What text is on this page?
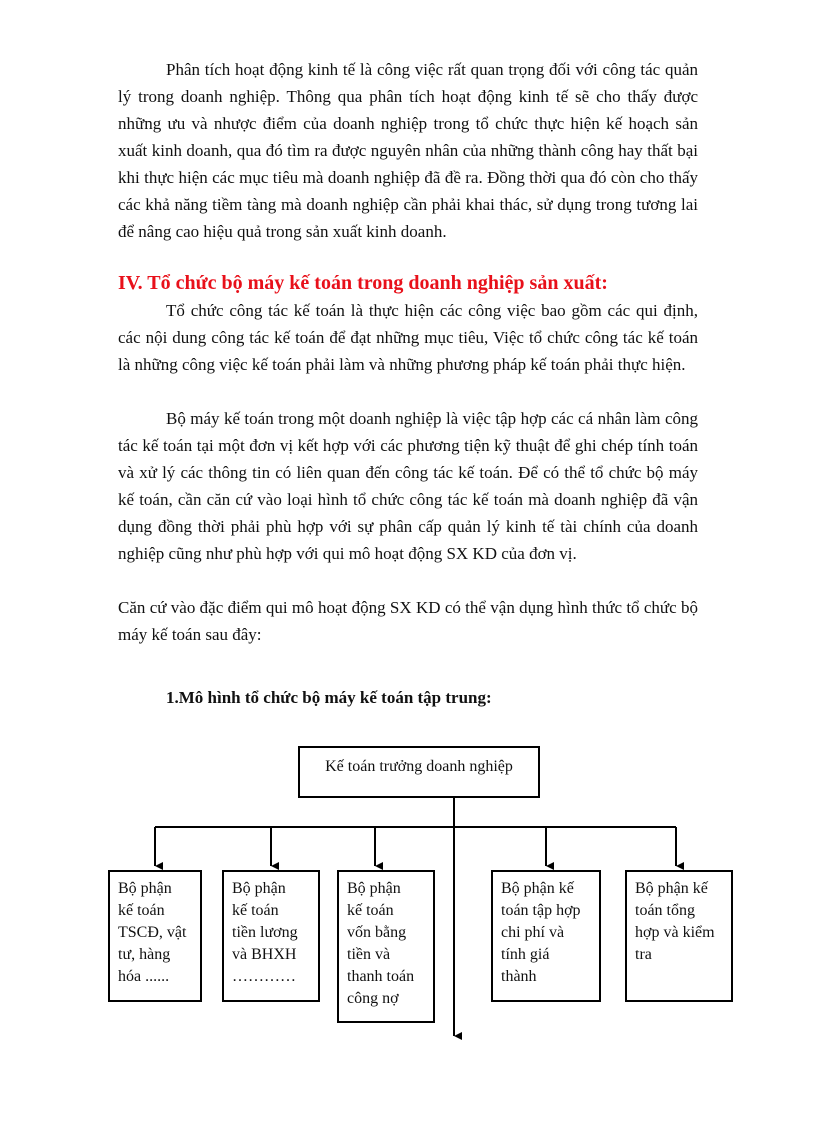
Phân tích hoạt động kinh tế là công việc rất quan trọng đối với công tác quản lý trong doanh nghiệp. Thông qua phân tích hoạt động kinh tế sẽ cho thấy được những ưu và nhược điểm của doanh nghiệp trong tổ chức thực hiện kế hoạch sản xuất kinh doanh, qua đó tìm ra được nguyên nhân của những thành công hay thất bại khi thực hiện các mục tiêu mà doanh nghiệp đã đề ra. Đồng thời qua đó còn cho thấy các khả năng tiềm tàng mà doanh nghiệp cần phải khai thác, sử dụng trong tương lai để nâng cao hiệu quả trong sản xuất kinh doanh.

IV. Tổ chức bộ máy kế toán trong doanh nghiệp sản xuất:

Tổ chức công tác kế toán là thực hiện các công việc bao gồm các qui định, các nội dung công tác kế toán để đạt những mục tiêu, Việc tổ chức công tác kế toán là những công việc kế toán phải làm và những phương pháp kế toán phải thực hiện.

Bộ máy kế toán trong một doanh nghiệp là việc tập hợp các cá nhân làm công tác kế toán tại một đơn vị kết hợp với các phương tiện kỹ thuật để ghi chép tính toán và xử lý các thông tin có liên quan đến công tác kế toán. Để có thể tổ chức bộ máy kế toán, cần căn cứ vào loại hình tổ chức công tác kế toán mà doanh nghiệp đã vận dụng đồng thời phải phù hợp với sự phân cấp quản lý kinh tế tài chính của doanh nghiệp cũng như phù hợp với qui mô hoạt động SX KD của đơn vị.

Căn cứ vào đặc điểm qui mô hoạt động SX KD có thể vận dụng hình thức tổ chức bộ máy kế toán sau đây:

1.Mô hình tổ chức bộ máy kế toán tập trung:
Kế toán trưởng doanh nghiệp
Bộ phận
kế toán
TSCĐ, vật
tư, hàng
hóa ......
Bộ phận
kế toán
tiền lương
và BHXH
…………
Bộ phận
kế toán
vốn bằng
tiền và
thanh toán
công nợ
Bộ phận kế
toán tập hợp
chi phí và
tính giá
thành
Bộ phận kế
toán tổng
hợp và kiểm
tra
